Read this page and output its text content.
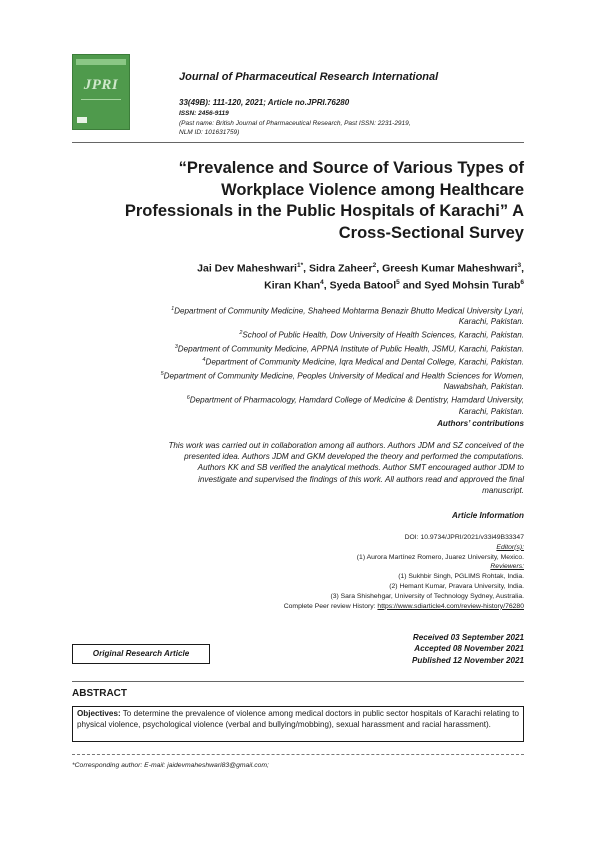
JPRI	Journal of Pharmaceutical Research International
33(49B): 111-120, 2021; Article no.JPRI.76280
ISSN: 2456-9119
(Past name: British Journal of Pharmaceutical Research, Past ISSN: 2231-2919,
NLM ID: 101631759)
“Prevalence and Source of Various Types of
Workplace Violence among Healthcare
Professionals in the Public Hospitals of Karachi” A
Cross-Sectional Survey
Jai Dev Maheshwari$^{1*}$, Sidra Zaheer$^2$, Greesh Kumar Maheshwari$^3$,
Kiran Khan$^4$, Syeda Batool$^5$ and Syed Mohsin Turab$^6$
$^1$Department of Community Medicine, Shaheed Mohtarma Benazir Bhutto Medical University Lyari,
Karachi, Pakistan.
$^2$School of Public Health, Dow University of Health Sciences, Karachi, Pakistan.
$^3$Department of Community Medicine, APPNA Institute of Public Health, JSMU, Karachi, Pakistan.
$^4$Department of Community Medicine, Iqra Medical and Dental College, Karachi, Pakistan.
$^5$Department of Community Medicine, Peoples University of Medical and Health Sciences for Women,
Nawabshah, Pakistan.
$^6$Department of Pharmacology, Hamdard College of Medicine & Dentistry, Hamdard University,
Karachi, Pakistan.
Authors’ contributions
This work was carried out in collaboration among all authors. Authors JDM and SZ conceived of the
presented idea. Authors JDM and GKM developed the theory and performed the computations.
Authors KK and SB verified the analytical methods. Author SMT encouraged author JDM to
investigate and supervised the findings of this work. All authors read and approved the final
manuscript.
Article Information
DOI: 10.9734/JPRI/2021/v33i49B33347
Editor(s):
(1) Aurora Martínez Romero, Juarez University, Mexico.
Reviewers:
(1) Sukhbir Singh, PGLIMS Rohtak, India.
(2) Hemant Kumar, Pravara University, India.
(3) Sara Shishehgar, University of Technology Sydney, Australia.
Complete Peer review History: https://www.sdiarticle4.com/review-history/76280
Original Research Article
Received 03 September 2021
Accepted 08 November 2021
Published 12 November 2021
ABSTRACT
Objectives: To determine the prevalence of violence among medical doctors in public sector hospitals of Karachi relating to physical violence, psychological violence (verbal and bullying/mobbing), sexual harassment and racial harassment).
*Corresponding author: E-mail: jaidevmaheshwari83@gmail.com;
